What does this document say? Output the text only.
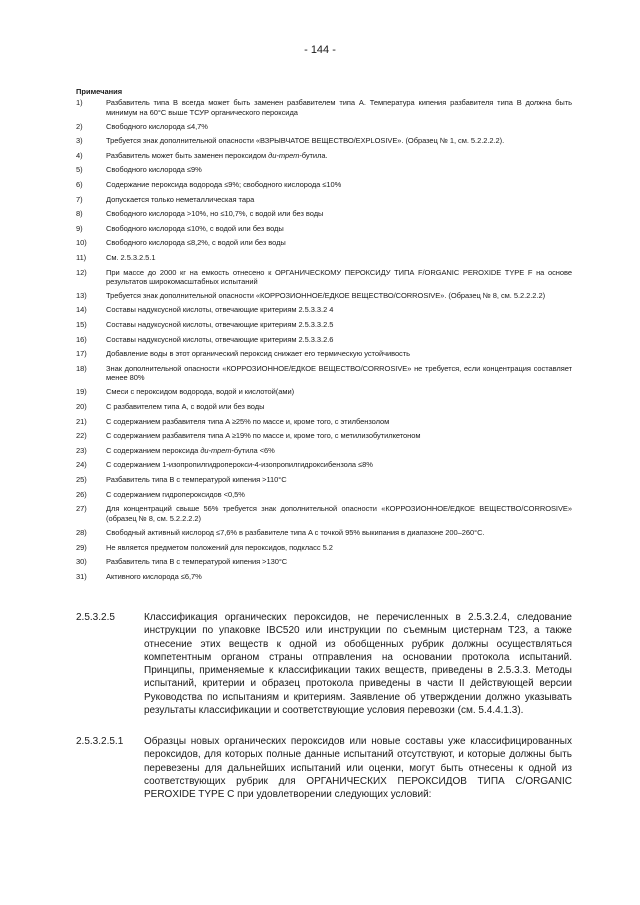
- 144 -
Примечания
1)	Разбавитель типа B всегда может быть заменен разбавителем типа A. Температура кипения разбавителя типа B должна быть минимум на 60°C выше ТСУР органического пероксида
2)	Свободного кислорода ≤4,7%
3)	Требуется знак дополнительной опасности «ВЗРЫВЧАТОЕ ВЕЩЕСТВО/EXPLOSIVE». (Образец № 1, см. 5.2.2.2.2).
4)	Разбавитель может быть заменен пероксидом ди-трет-бутила.
5)	Свободного кислорода ≤9%
6)	Содержание пероксида водорода ≤9%; свободного кислорода ≤10%
7)	Допускается только неметаллическая тара
8)	Свободного кислорода >10%, но ≤10,7%, с водой или без воды
9)	Свободного кислорода ≤10%, с водой или без воды
10)	Свободного кислорода ≤8,2%, с водой или без воды
11)	См. 2.5.3.2.5.1
12)	При массе до 2000 кг на емкость отнесено к ОРГАНИЧЕСКОМУ ПЕРОКСИДУ ТИПА F/ORGANIC PEROXIDE TYPE F на основе результатов широкомасштабных испытаний
13)	Требуется знак дополнительной опасности «КОРРОЗИОННОЕ/ЕДКОЕ ВЕЩЕСТВО/CORROSIVE». (Образец № 8, см. 5.2.2.2.2)
14)	Составы надуксусной кислоты, отвечающие критериям 2.5.3.3.2 4
15)	Составы надуксусной кислоты, отвечающие критериям 2.5.3.3.2.5
16)	Составы надуксусной кислоты, отвечающие критериям 2.5.3.3.2.6
17)	Добавление воды в этот органический пероксид снижает его термическую устойчивость
18)	Знак дополнительной опасности «КОРРОЗИОННОЕ/ЕДКОЕ ВЕЩЕСТВО/CORROSIVE» не требуется, если концентрация составляет менее 80%
19)	Смеси с пероксидом водорода, водой и кислотой(ами)
20)	С разбавителем типа A, с водой или без воды
21)	С содержанием разбавителя типа A ≥25% по массе и, кроме того, с этилбензолом
22)	С содержанием разбавителя типа A ≥19% по массе и, кроме того, с метилизобутилкетоном
23)	С содержанием пероксида ди-трет-бутила <6%
24)	С содержанием 1-изопропилгидроперокси-4-изопропилгидроксибензола ≤8%
25)	Разбавитель типа B с температурой кипения >110°C
26)	С содержанием гидропероксидов <0,5%
27)	Для концентраций свыше 56% требуется знак дополнительной опасности «КОРРОЗИОННОЕ/ЕДКОЕ ВЕЩЕСТВО/CORROSIVE» (образец № 8, см. 5.2.2.2.2)
28)	Свободный активный кислород ≤7,6% в разбавителе типа A с точкой 95% выкипания в диапазоне 200–260°C.
29)	Не является предметом положений для пероксидов, подкласс 5.2
30)	Разбавитель типа B с температурой кипения >130°C
31)	Активного кислорода ≤6,7%
2.5.3.2.5	Классификация органических пероксидов, не перечисленных в 2.5.3.2.4, следование инструкции по упаковке IBC520 или инструкции по съемным цистернам T23, а также отнесение этих веществ к одной из обобщенных рубрик должны осуществляться компетентным органом страны отправления на основании протокола испытаний. Принципы, применяемые к классификации таких веществ, приведены в 2.5.3.3. Методы испытаний, критерии и образец протокола приведены в части II действующей версии Руководства по испытаниям и критериям. Заявление об утверждении должно указывать результаты классификации и соответствующие условия перевозки (см. 5.4.4.1.3).
2.5.3.2.5.1	Образцы новых органических пероксидов или новые составы уже классифицированных пероксидов, для которых полные данные испытаний отсутствуют, и которые должны быть перевезены для дальнейших испытаний или оценки, могут быть отнесены к одной из соответствующих рубрик для ОРГАНИЧЕСКИХ ПЕРОКСИДОВ ТИПА C/ORGANIC PEROXIDE TYPE C при удовлетворении следующих условий:
